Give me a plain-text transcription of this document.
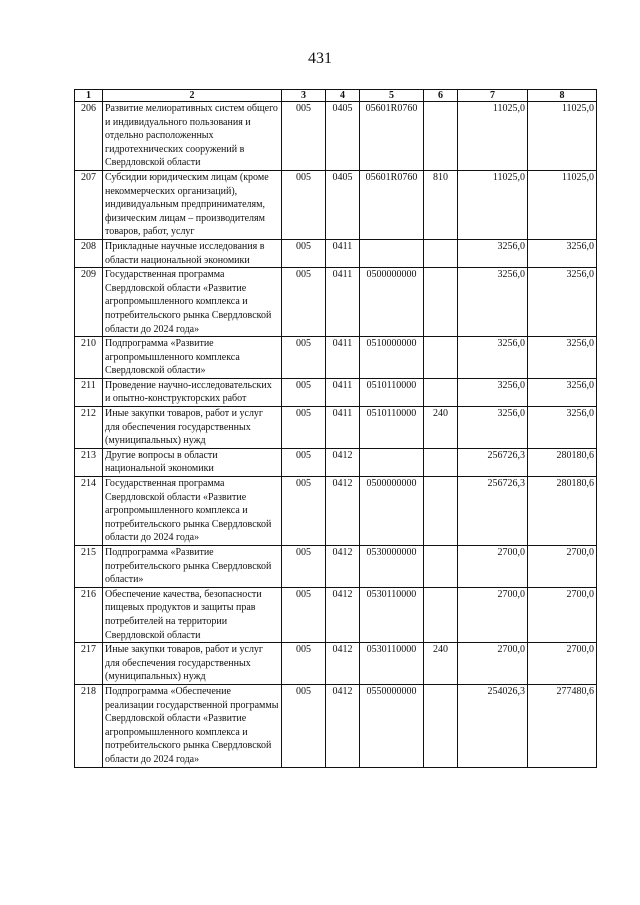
431
1	2	3	4	5	6	7	8
206	Развитие мелиоративных систем общего и индивидуального пользования и отдельно расположенных гидротехнических сооружений в Свердловской области	005	0405	05601R0760		11025,0	11025,0
207	Субсидии юридическим лицам (кроме некоммерческих организаций), индивидуальным предпринимателям, физическим лицам – производителям товаров, работ, услуг	005	0405	05601R0760	810	11025,0	11025,0
208	Прикладные научные исследования в области национальной экономики	005	0411			3256,0	3256,0
209	Государственная программа Свердловской области «Развитие агропромышленного комплекса и потребительского рынка Свердловской области до 2024 года»	005	0411	0500000000		3256,0	3256,0
210	Подпрограмма «Развитие агропромышленного комплекса Свердловской области»	005	0411	0510000000		3256,0	3256,0
211	Проведение научно-исследовательских и опытно-конструкторских работ	005	0411	0510110000		3256,0	3256,0
212	Иные закупки товаров, работ и услуг для обеспечения государственных (муниципальных) нужд	005	0411	0510110000	240	3256,0	3256,0
213	Другие вопросы в области национальной экономики	005	0412			256726,3	280180,6
214	Государственная программа Свердловской области «Развитие агропромышленного комплекса и потребительского рынка Свердловской области до 2024 года»	005	0412	0500000000		256726,3	280180,6
215	Подпрограмма «Развитие потребительского рынка Свердловской области»	005	0412	0530000000		2700,0	2700,0
216	Обеспечение качества, безопасности пищевых продуктов и защиты прав потребителей на территории Свердловской области	005	0412	0530110000		2700,0	2700,0
217	Иные закупки товаров, работ и услуг для обеспечения государственных (муниципальных) нужд	005	0412	0530110000	240	2700,0	2700,0
218	Подпрограмма «Обеспечение реализации государственной программы Свердловской области «Развитие агропромышленного комплекса и потребительского рынка Свердловской области до 2024 года»	005	0412	0550000000		254026,3	277480,6
